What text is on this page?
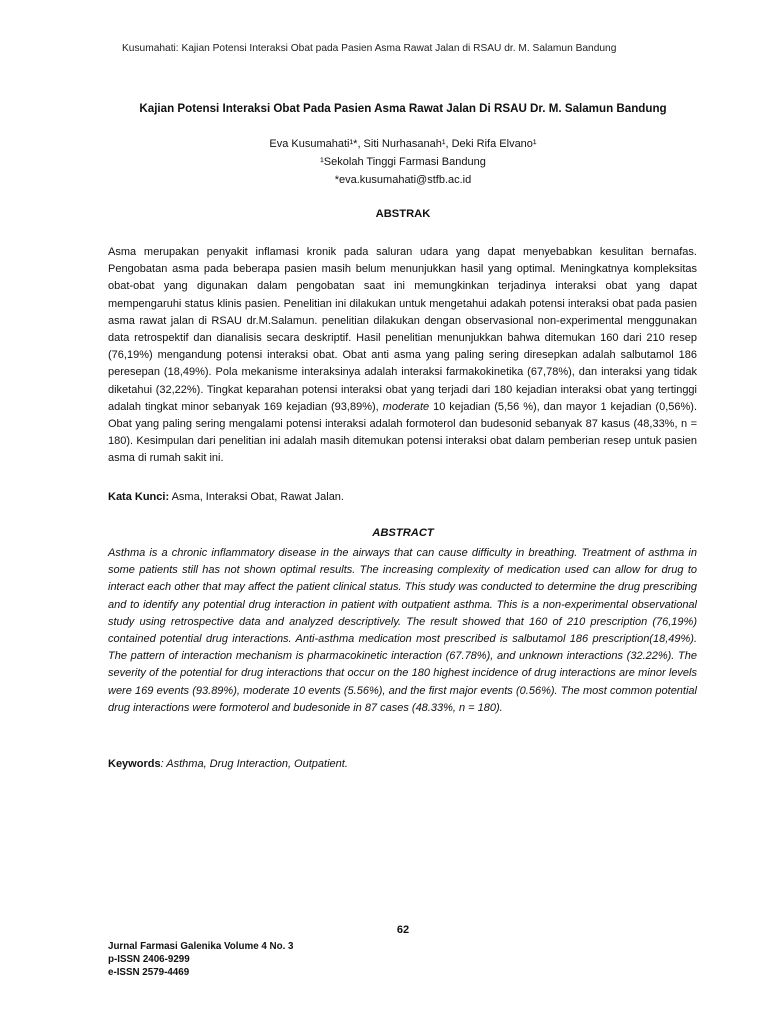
Kusumahati: Kajian Potensi Interaksi Obat pada Pasien Asma Rawat Jalan di RSAU dr. M. Salamun Bandung
Kajian Potensi Interaksi Obat Pada Pasien Asma Rawat Jalan Di RSAU Dr. M. Salamun Bandung
Eva Kusumahati¹*, Siti Nurhasanah¹, Deki Rifa Elvano¹
¹Sekolah Tinggi Farmasi Bandung
*eva.kusumahati@stfb.ac.id
ABSTRAK

Asma merupakan penyakit inflamasi kronik pada saluran udara yang dapat menyebabkan kesulitan bernafas. Pengobatan asma pada beberapa pasien masih belum menunjukkan hasil yang optimal. Meningkatnya kompleksitas obat-obat yang digunakan dalam pengobatan saat ini memungkinkan terjadinya interaksi obat yang dapat mempengaruhi status klinis pasien. Penelitian ini dilakukan untuk mengetahui adakah potensi interaksi obat pada pasien asma rawat jalan di RSAU dr.M.Salamun. penelitian dilakukan dengan observasional non-experimental menggunakan data retrospektif dan dianalisis secara deskriptif. Hasil penelitian menunjukkan bahwa ditemukan 160 dari 210 resep (76,19%) mengandung potensi interaksi obat. Obat anti asma yang paling sering diresepkan adalah salbutamol 186 peresepan (18,49%). Pola mekanisme interaksinya adalah interaksi farmakokinetika (67,78%), dan interaksi yang tidak diketahui (32,22%). Tingkat keparahan potensi interaksi obat yang terjadi dari 180 kejadian interaksi obat yang tertinggi adalah tingkat minor sebanyak 169 kejadian (93,89%), moderate 10 kejadian (5,56 %), dan mayor 1 kejadian (0,56%). Obat yang paling sering mengalami potensi interaksi adalah formoterol dan budesonid sebanyak 87 kasus (48,33%, n = 180). Kesimpulan dari penelitian ini adalah masih ditemukan potensi interaksi obat dalam pemberian resep untuk pasien asma di rumah sakit ini.

Kata Kunci: Asma, Interaksi Obat, Rawat Jalan.
ABSTRACT

Asthma is a chronic inflammatory disease in the airways that can cause difficulty in breathing. Treatment of asthma in some patients still has not shown optimal results. The increasing complexity of medication used can allow for drug to interact each other that may affect the patient clinical status. This study was conducted to determine the drug prescribing and to identify any potential drug interaction in patient with outpatient asthma. This is a non-experimental observational study using retrospective data and analyzed descriptively. The result showed that 160 of 210 prescription (76,19%) contained potential drug interactions. Anti-asthma medication most prescribed is salbutamol 186 prescription(18,49%). The pattern of interaction mechanism is pharmacokinetic interaction (67.78%), and unknown interactions (32.22%). The severity of the potential for drug interactions that occur on the 180 highest incidence of drug interactions are minor levels were 169 events (93.89%), moderate 10 events (5.56%), and the first major events (0.56%). The most common potential drug interactions were formoterol and budesonide in 87 cases (48.33%, n = 180).

Keywords: Asthma, Drug Interaction, Outpatient.
62
Jurnal Farmasi Galenika Volume 4 No. 3
p-ISSN 2406-9299
e-ISSN 2579-4469
